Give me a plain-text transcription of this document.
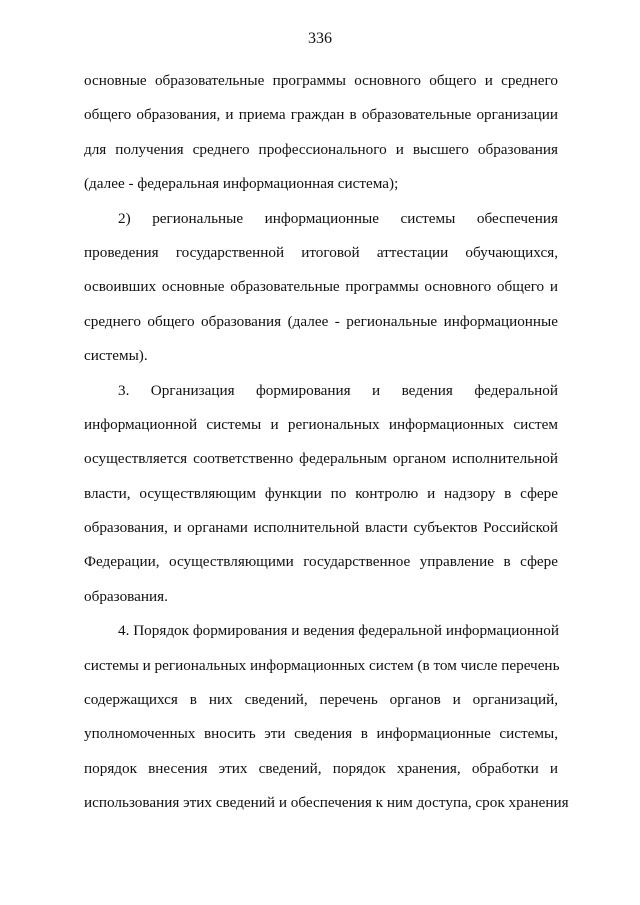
336
основные образовательные программы основного общего и среднего
общего образования, и приема граждан в образовательные организации
для получения среднего профессионального и высшего образования
(далее - федеральная информационная система);
2) региональные информационные системы обеспечения
проведения государственной итоговой аттестации обучающихся,
освоивших основные образовательные программы основного общего и
среднего общего образования (далее - региональные информационные
системы).
3. Организация формирования и ведения федеральной
информационной системы и региональных информационных систем
осуществляется соответственно федеральным органом исполнительной
власти, осуществляющим функции по контролю и надзору в сфере
образования, и органами исполнительной власти субъектов Российской
Федерации, осуществляющими государственное управление в сфере
образования.
4. Порядок формирования и ведения федеральной информационной
системы и региональных информационных систем (в том числе перечень
содержащихся в них сведений, перечень органов и организаций,
уполномоченных вносить эти сведения в информационные системы,
порядок внесения этих сведений, порядок хранения, обработки и
использования этих сведений и обеспечения к ним доступа, срок хранения
